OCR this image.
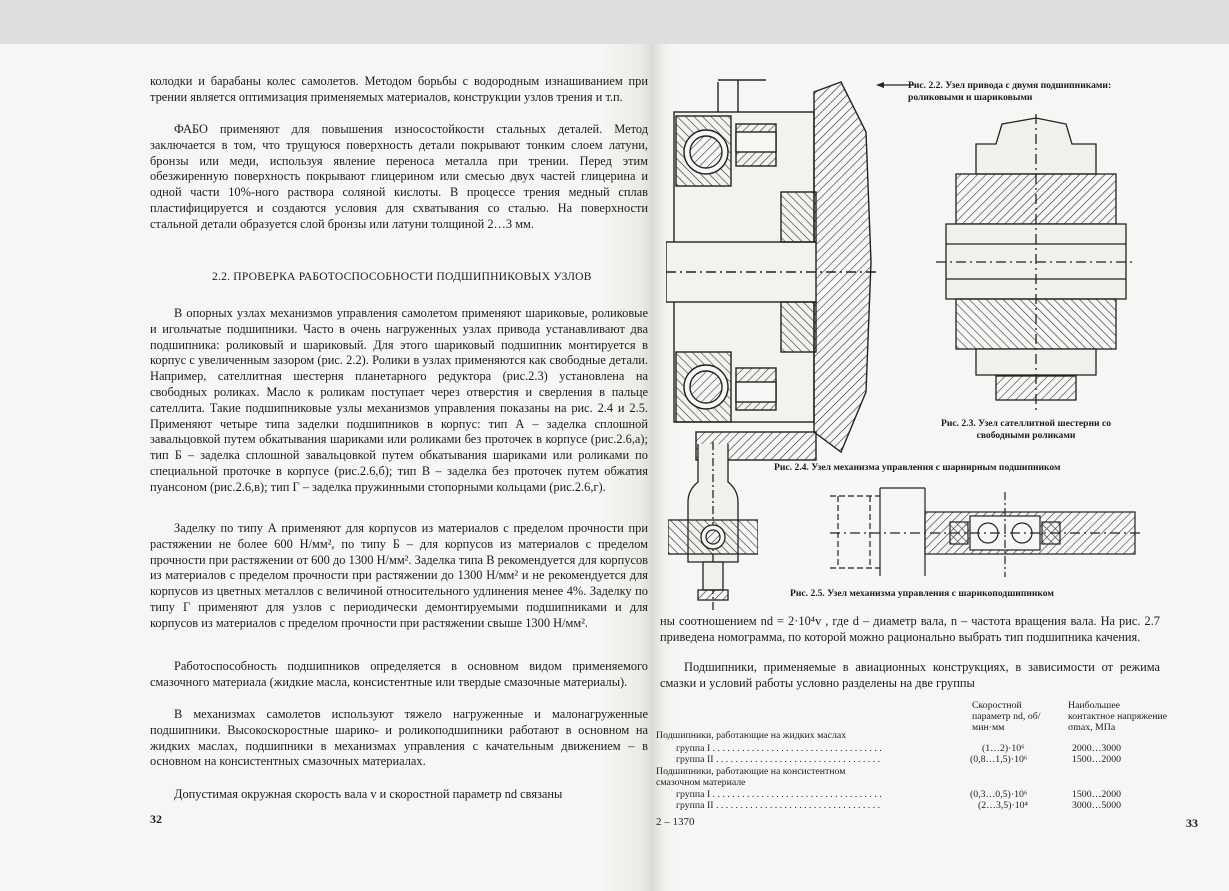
колодки и барабаны колес самолетов. Методом борьбы с водородным изнашиванием при трении является оптимизация применяемых материалов, конструкции узлов трения и т.п.

ФАБО применяют для повышения износостойкости стальных деталей. Метод заключается в том, что трущуюся поверхность детали покрывают тонким слоем латуни, бронзы или меди, используя явление переноса металла при трении. Перед этим обезжиренную поверхность покрывают глицерином или смесью двух частей глицерина и одной части 10%-ного раствора соляной кислоты. В процессе трения медный сплав пластифицируется и создаются условия для схватывания со сталью. На поверхности стальной детали образуется слой бронзы или латуни толщиной 2…3 мм.

2.2. ПРОВЕРКА РАБОТОСПОСОБНОСТИ ПОДШИПНИКОВЫХ УЗЛОВ

В опорных узлах механизмов управления самолетом применяют шариковые, роликовые и игольчатые подшипники. Часто в очень нагруженных узлах привода устанавливают два подшипника: роликовый и шариковый. Для этого шариковый подшипник монтируется в корпус с увеличенным зазором (рис. 2.2). Ролики в узлах применяются как свободные детали. Например, сателлитная шестерня планетарного редуктора (рис.2.3) установлена на свободных роликах. Масло к роликам поступает через отверстия и сверления в пальце сателлита. Такие подшипниковые узлы механизмов управления показаны на рис. 2.4 и 2.5. Применяют четыре типа заделки подшипников в корпус: тип А – заделка сплошной завальцовкой путем обкатывания шариками или роликами без проточек в корпусе (рис.2.6,а); тип Б – заделка сплошной завальцовкой путем обкатывания шариками или роликами по специальной проточке в корпусе (рис.2.6,б); тип В – заделка без проточек путем обжатия пуансоном (рис.2.6,в); тип Г – заделка пружинными стопорными кольцами (рис.2.6,г).

Заделку по типу А применяют для корпусов из материалов с пределом прочности при растяжении не более 600 Н/мм², по типу Б – для корпусов из материалов с пределом прочности при растяжении от 600 до 1300 Н/мм². Заделка типа В рекомендуется для корпусов из материалов с пределом прочности при растяжении до 1300 Н/мм² и не рекомендуется для корпусов из цветных металлов с величиной относительного удлинения менее 4%. Заделку по типу Г применяют для узлов с периодически демонтируемыми подшипниками и для корпусов из материалов с пределом прочности при растяжении свыше 1300 Н/мм².

Работоспособность подшипников определяется в основном видом применяемого смазочного материала (жидкие масла, консистентные или твердые смазочные материалы).

В механизмах самолетов используют тяжело нагруженные и малонагруженные подшипники. Высокоскоростные шарико- и роликоподшипники работают в основном на жидких маслах, подшипники в механизмах управления с качательным движением – в основном на консистентных смазочных материалах.

Допустимая окружная скорость вала v и скоростной параметр nd связаны

32
Рис. 2.2. Узел привода с двумя подшипниками: роликовыми и шариковыми
Рис. 2.3. Узел сателлитной шестерни со свободными роликами
Рис. 2.4. Узел механизма управления с шарнирным подшипником
Рис. 2.5. Узел механизма управления с шарикоподшипником

ны соотношением nd = 2·10⁴v , где d – диаметр вала, n – частота вращения вала. На рис. 2.7 приведена номограмма, по которой можно рационально выбрать тип подшипника качения.

Подшипники, применяемые в авиационных конструкциях, в зависимости от режима смазки и условий работы условно разделены на две группы

Скоростной параметр nd, об/мин·мм
Наибольшее контактное напряжение σmax, МПа
Подшипники, работающие на жидких маслах
группа I . . . . . . . . . . . . . . . . . . . . . . . . . . . . . . . . . . .	(1…2)·10⁶	2000…3000
группа II . . . . . . . . . . . . . . . . . . . . . . . . . . . . . . . . . .	(0,8…1,5)·10⁶	1500…2000
Подшипники, работающие на консистентном
смазочном материале
группа I . . . . . . . . . . . . . . . . . . . . . . . . . . . . . . . . . . .	(0,3…0,5)·10⁶	1500…2000
группа II . . . . . . . . . . . . . . . . . . . . . . . . . . . . . . . . . .	(2…3,5)·10⁴	3000…5000
2 – 1370	33
